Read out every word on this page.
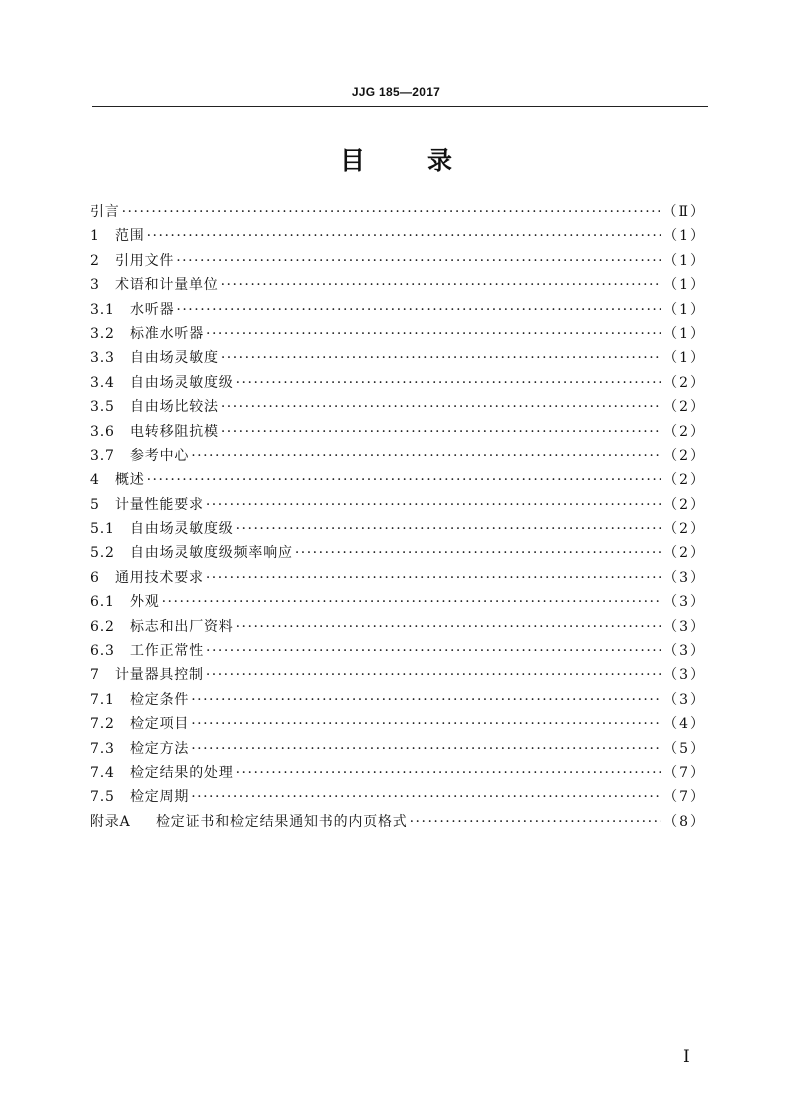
JJG 185—2017
目录
引言 ·····	（Ⅱ）
1	范围 ·····	（1）
2	引用文件 ·····	（1）
3	术语和计量单位 ·····	（1）
3.1	水听器 ·····	（1）
3.2	标准水听器 ·····	（1）
3.3	自由场灵敏度 ·····	（1）
3.4	自由场灵敏度级 ·····	（2）
3.5	自由场比较法 ·····	（2）
3.6	电转移阻抗模 ·····	（2）
3.7	参考中心 ·····	（2）
4	概述 ·····	（2）
5	计量性能要求 ·····	（2）
5.1	自由场灵敏度级 ·····	（2）
5.2	自由场灵敏度级频率响应 ·····	（2）
6	通用技术要求 ·····	（3）
6.1	外观 ·····	（3）
6.2	标志和出厂资料 ·····	（3）
6.3	工作正常性 ·····	（3）
7	计量器具控制 ·····	（3）
7.1	检定条件 ·····	（3）
7.2	检定项目 ·····	（4）
7.3	检定方法 ·····	（5）
7.4	检定结果的处理 ·····	（7）
7.5	检定周期 ·····	（7）
附录A	检定证书和检定结果通知书的内页格式 ·····	（8）
Ⅰ
